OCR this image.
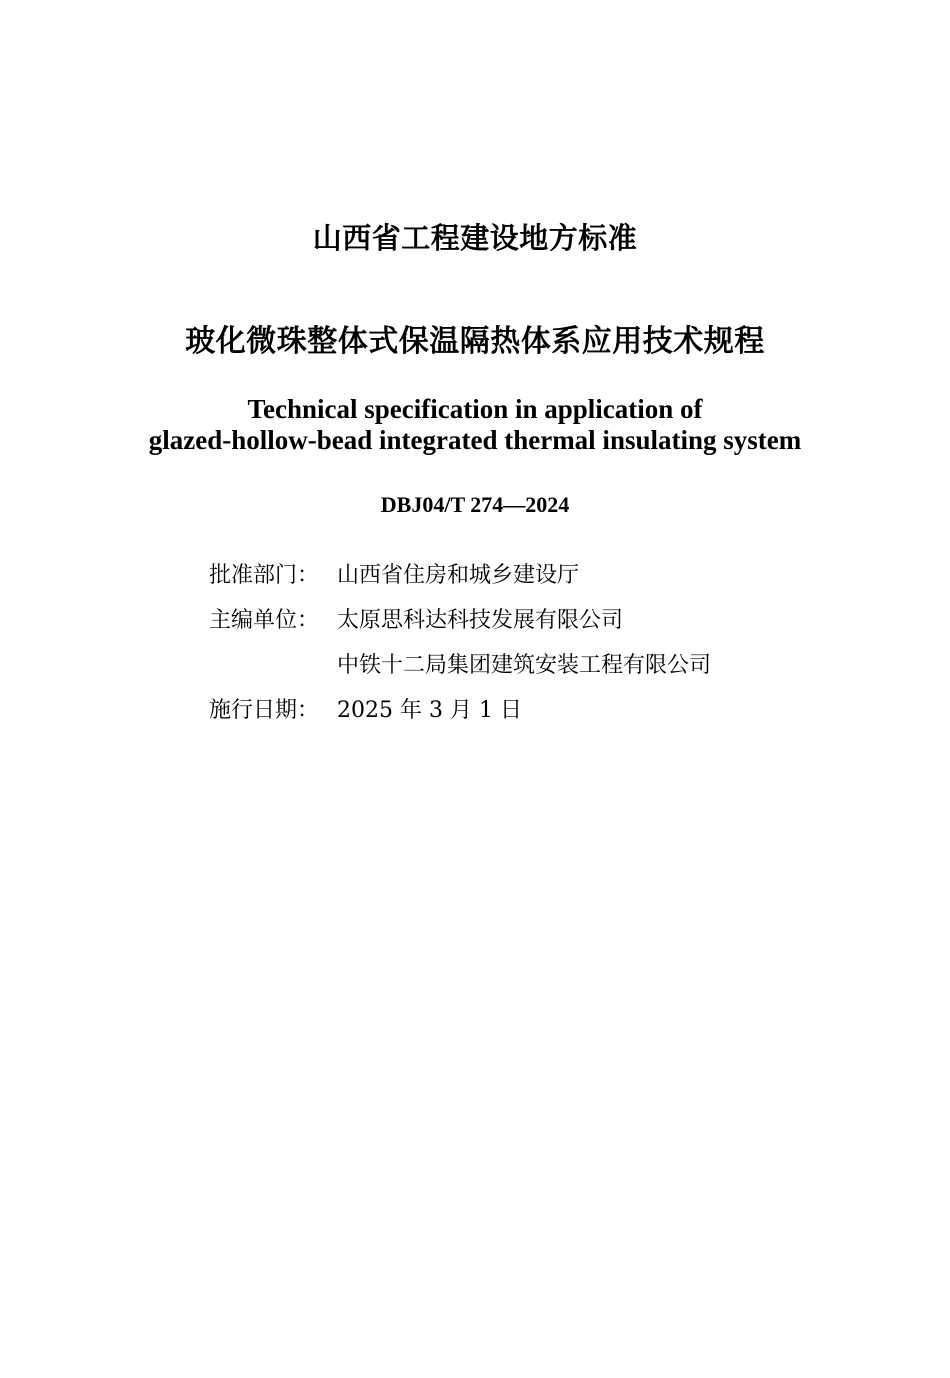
山西省工程建设地方标准
玻化微珠整体式保温隔热体系应用技术规程
Technical specification in application of
glazed-hollow-bead integrated thermal insulating system
DBJ04/T 274—2024
批准部门： 山西省住房和城乡建设厅
主编单位： 太原思科达科技发展有限公司
中铁十二局集团建筑安装工程有限公司
施行日期： 2025 年 3 月 1 日
